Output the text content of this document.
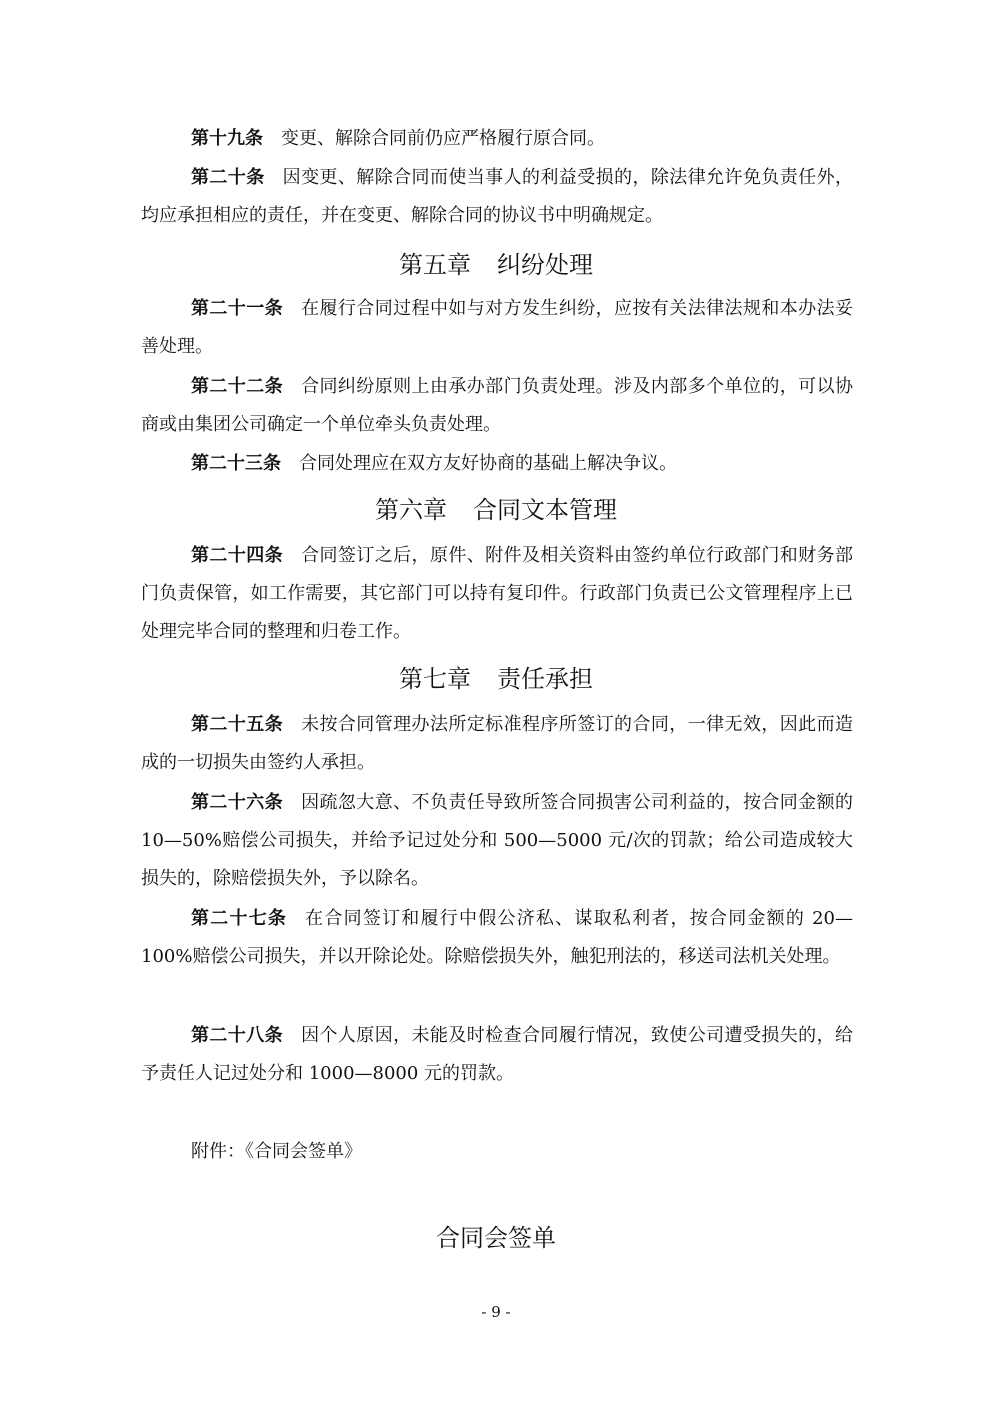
第十九条 变更、解除合同前仍应严格履行原合同。

第二十条 因变更、解除合同而使当事人的利益受损的，除法律允许免负责任外，均应承担相应的责任，并在变更、解除合同的协议书中明确规定。

第五章 纠纷处理

第二十一条 在履行合同过程中如与对方发生纠纷，应按有关法律法规和本办法妥善处理。

第二十二条 合同纠纷原则上由承办部门负责处理。涉及内部多个单位的，可以协商或由集团公司确定一个单位牵头负责处理。

第二十三条 合同处理应在双方友好协商的基础上解决争议。

第六章 合同文本管理

第二十四条 合同签订之后，原件、附件及相关资料由签约单位行政部门和财务部门负责保管，如工作需要，其它部门可以持有复印件。行政部门负责已公文管理程序上已处理完毕合同的整理和归卷工作。

第七章 责任承担

第二十五条 未按合同管理办法所定标准程序所签订的合同，一律无效，因此而造成的一切损失由签约人承担。

第二十六条 因疏忽大意、不负责任导致所签合同损害公司利益的，按合同金额的 10—50%赔偿公司损失，并给予记过处分和 500—5000 元/次的罚款；给公司造成较大损失的，除赔偿损失外，予以除名。

第二十七条 在合同签订和履行中假公济私、谋取私利者，按合同金额的 20—100%赔偿公司损失，并以开除论处。除赔偿损失外，触犯刑法的，移送司法机关处理。

第二十八条 因个人原因，未能及时检查合同履行情况，致使公司遭受损失的，给予责任人记过处分和 1000—8000 元的罚款。

附件：《合同会签单》

合同会签单
- 9 -
